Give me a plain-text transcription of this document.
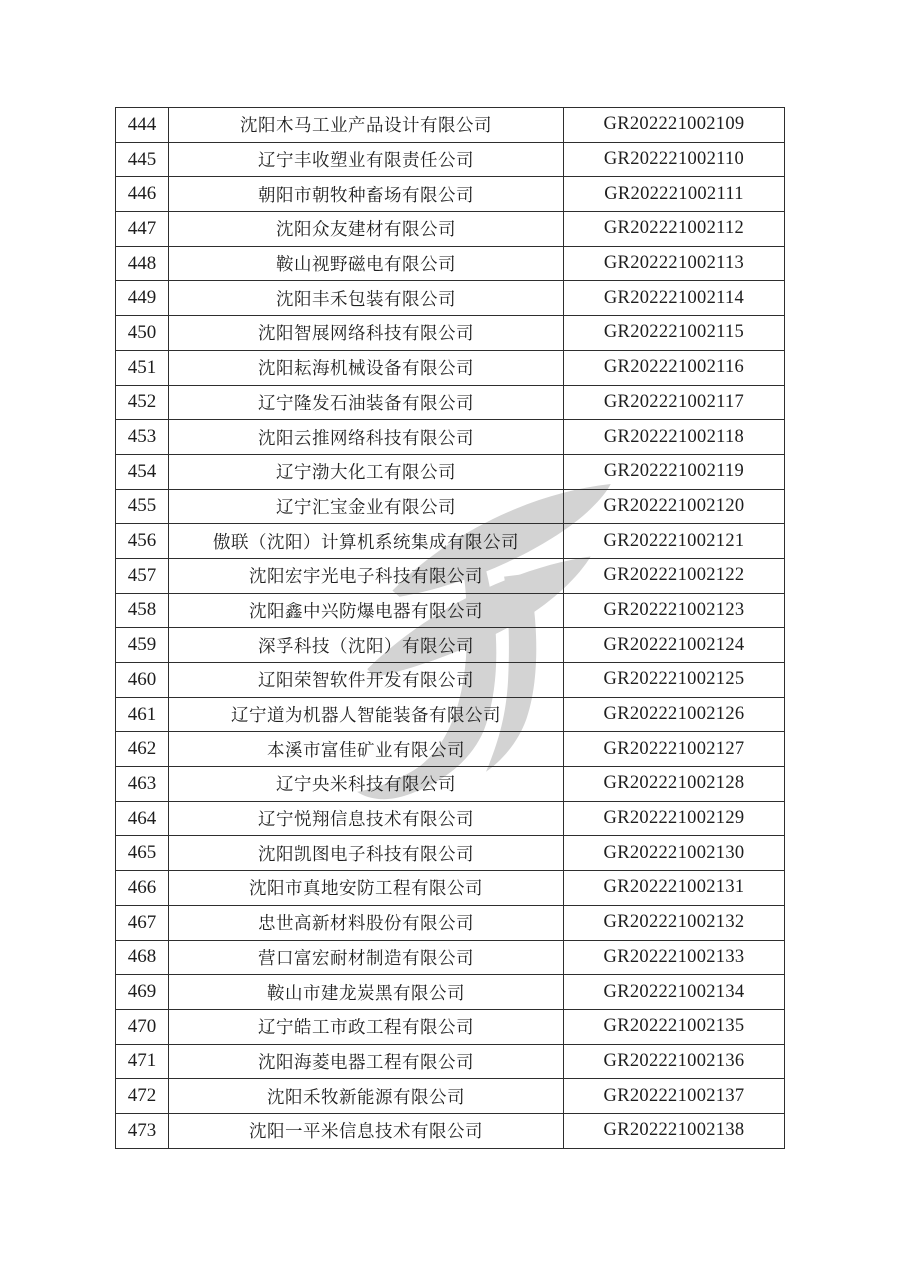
444	沈阳木马工业产品设计有限公司	GR202221002109
445	辽宁丰收塑业有限责任公司	GR202221002110
446	朝阳市朝牧种畜场有限公司	GR202221002111
447	沈阳众友建材有限公司	GR202221002112
448	鞍山视野磁电有限公司	GR202221002113
449	沈阳丰禾包装有限公司	GR202221002114
450	沈阳智展网络科技有限公司	GR202221002115
451	沈阳耘海机械设备有限公司	GR202221002116
452	辽宁隆发石油装备有限公司	GR202221002117
453	沈阳云推网络科技有限公司	GR202221002118
454	辽宁渤大化工有限公司	GR202221002119
455	辽宁汇宝金业有限公司	GR202221002120
456	傲联（沈阳）计算机系统集成有限公司	GR202221002121
457	沈阳宏宇光电子科技有限公司	GR202221002122
458	沈阳鑫中兴防爆电器有限公司	GR202221002123
459	深孚科技（沈阳）有限公司	GR202221002124
460	辽阳荣智软件开发有限公司	GR202221002125
461	辽宁道为机器人智能装备有限公司	GR202221002126
462	本溪市富佳矿业有限公司	GR202221002127
463	辽宁央米科技有限公司	GR202221002128
464	辽宁悦翔信息技术有限公司	GR202221002129
465	沈阳凯图电子科技有限公司	GR202221002130
466	沈阳市真地安防工程有限公司	GR202221002131
467	忠世高新材料股份有限公司	GR202221002132
468	营口富宏耐材制造有限公司	GR202221002133
469	鞍山市建龙炭黑有限公司	GR202221002134
470	辽宁皓工市政工程有限公司	GR202221002135
471	沈阳海菱电器工程有限公司	GR202221002136
472	沈阳禾牧新能源有限公司	GR202221002137
473	沈阳一平米信息技术有限公司	GR202221002138
